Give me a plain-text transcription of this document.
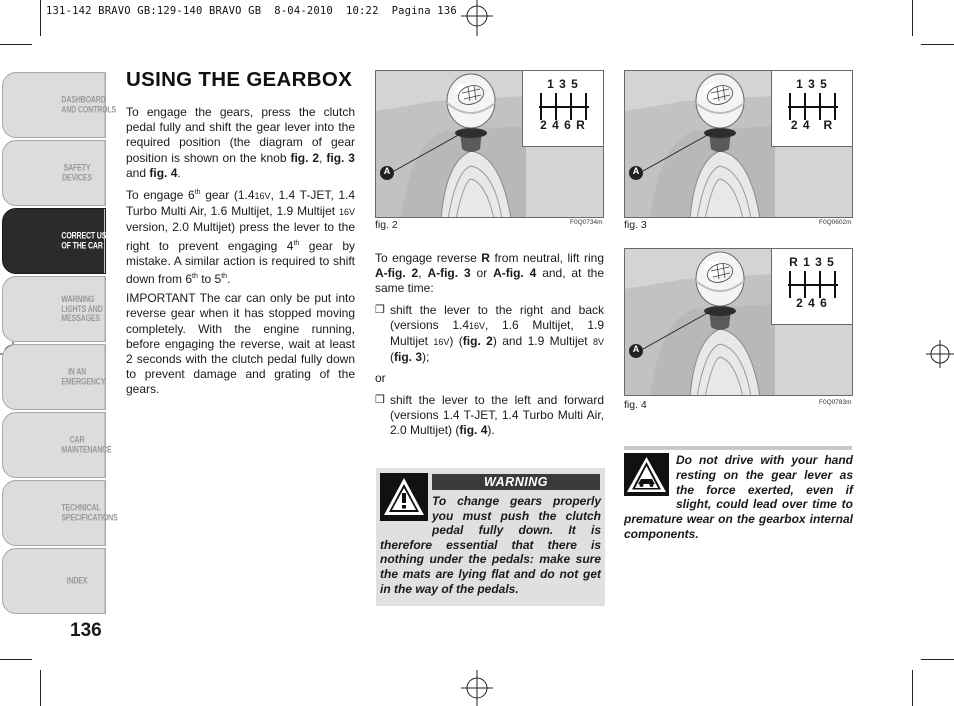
131-142 BRAVO GB:129-140 BRAVO GB  8-04-2010  10:22  Pagina 136
DASHBOARD
AND CONTROLS
SAFETY
DEVICES
CORRECT USE
OF THE CAR
WARNING
LIGHTS AND
MESSAGES
IN AN
EMERGENCY
CAR
MAINTENANCE
TECHNICAL
SPECIFICATIONS
INDEX
136
USING THE GEARBOX

To engage the gears, press the clutch pedal fully and shift the gear lever into the required position (the diagram of gear position is shown on the knob fig. 2, fig. 3 and fig. 4.

To engage 6th gear (1.416V, 1.4 T-JET, 1.4 Turbo Multi Air, 1.6 Multijet, 1.9 Multijet 16V version, 2.0 Multijet) press the lever to the right to prevent engaging 4th gear by mistake. A similar action is required to shift down from 6th to 5th.

IMPORTANT The car can only be put into reverse gear when it has stopped moving completely. With the engine running, before engaging the reverse, wait at least 2 seconds with the clutch pedal fully down to prevent damage and grating of the gears.

To engage reverse R from neutral, lift ring A-fig. 2, A-fig. 3 or A-fig. 4 and, at the same time:

❒ shift the lever to the right and back (versions 1.416V, 1.6 Multijet, 1.9 Multijet 16V) (fig. 2) and 1.9 Multijet 8V (fig. 3);

or

❒ shift the lever to the left and forward (versions 1.4 T-JET, 1.4 Turbo Multi Air, 2.0 Multijet) (fig. 4).
A
1 3 5
2 4 6 R
fig. 2	F0Q0734m
A
1 3 5
2 4   R
fig. 3	F0Q0602m
A
R 1 3 5
2 4 6
fig. 4	F0Q0783m
WARNING
To change gears properly you must push the clutch pedal fully down. It is therefore essential that there is nothing under the pedals: make sure the mats are lying flat and do not get in the way of the pedals.
Do not drive with your hand resting on the gear lever as the force exerted, even if slight, could lead over time to premature wear on the gearbox internal components.
